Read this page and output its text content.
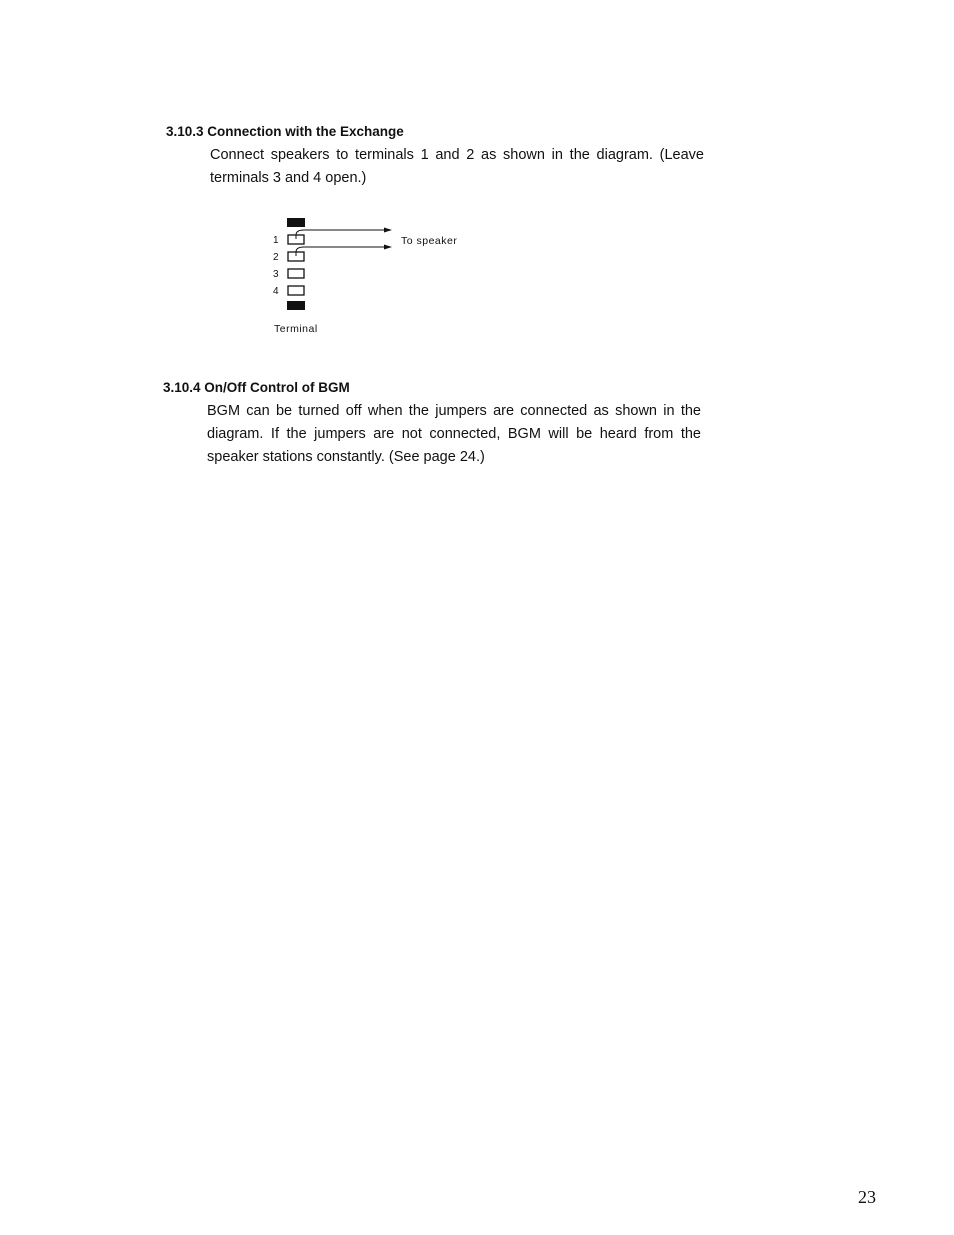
3.10.3 Connection with the Exchange

Connect speakers to terminals 1 and 2 as shown in the diagram. (Leave terminals 3 and 4 open.)

1
2
3
4
To speaker
Terminal
3.10.4 On/Off Control of BGM

BGM can be turned off when the jumpers are connected as shown in the diagram. If the jumpers are not connected, BGM will be heard from the speaker stations constantly. (See page 24.)

23
